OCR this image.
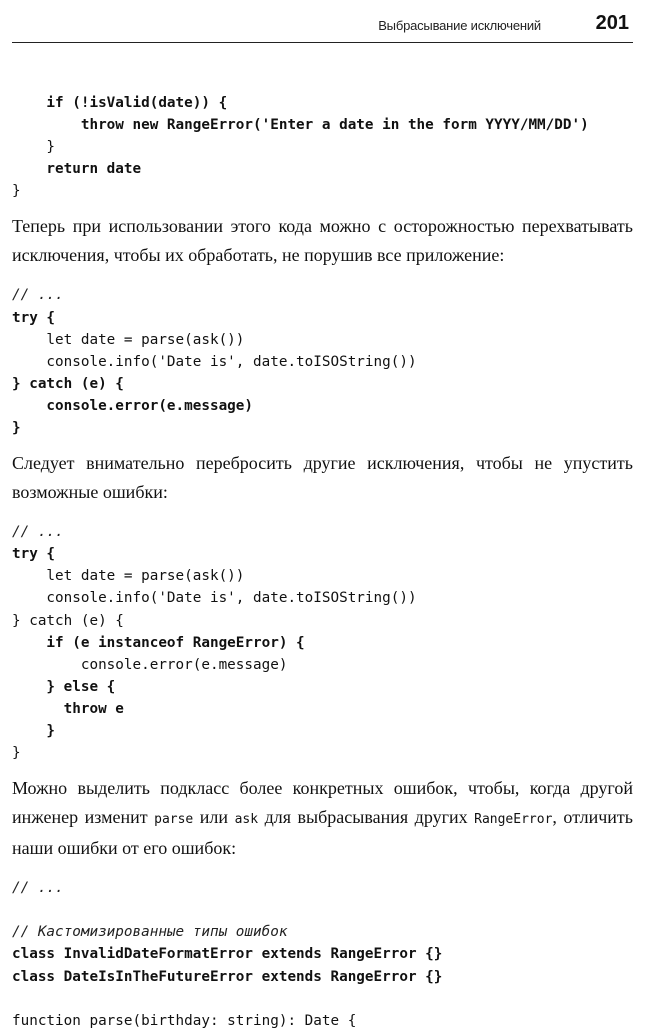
Выбрасывание исключений	201
if (!isValid(date)) {
throw new RangeError('Enter a date in the form YYYY/MM/DD')
}
return date
}

Теперь при использовании этого кода можно с осторожностью перехватывать исключения, чтобы их обработать, не порушив все приложение:

// ...
try {
let date = parse(ask())
console.info('Date is', date.toISOString())
} catch (e) {
console.error(e.message)
}

Следует внимательно перебросить другие исключения, чтобы не упустить возможные ошибки:

// ...
try {
let date = parse(ask())
console.info('Date is', date.toISOString())
} catch (e) {
if (e instanceof RangeError) {
console.error(e.message)
} else {
throw e
}
}

Можно выделить подкласс более конкретных ошибок, чтобы, когда другой инженер изменит parse или ask для выбрасывания других RangeError, отличить наши ошибки от его ошибок:

// ...
// Кастомизированные типы ошибок
class InvalidDateFormatError extends RangeError {}
class DateIsInTheFutureError extends RangeError {}
function parse(birthday: string): Date {
